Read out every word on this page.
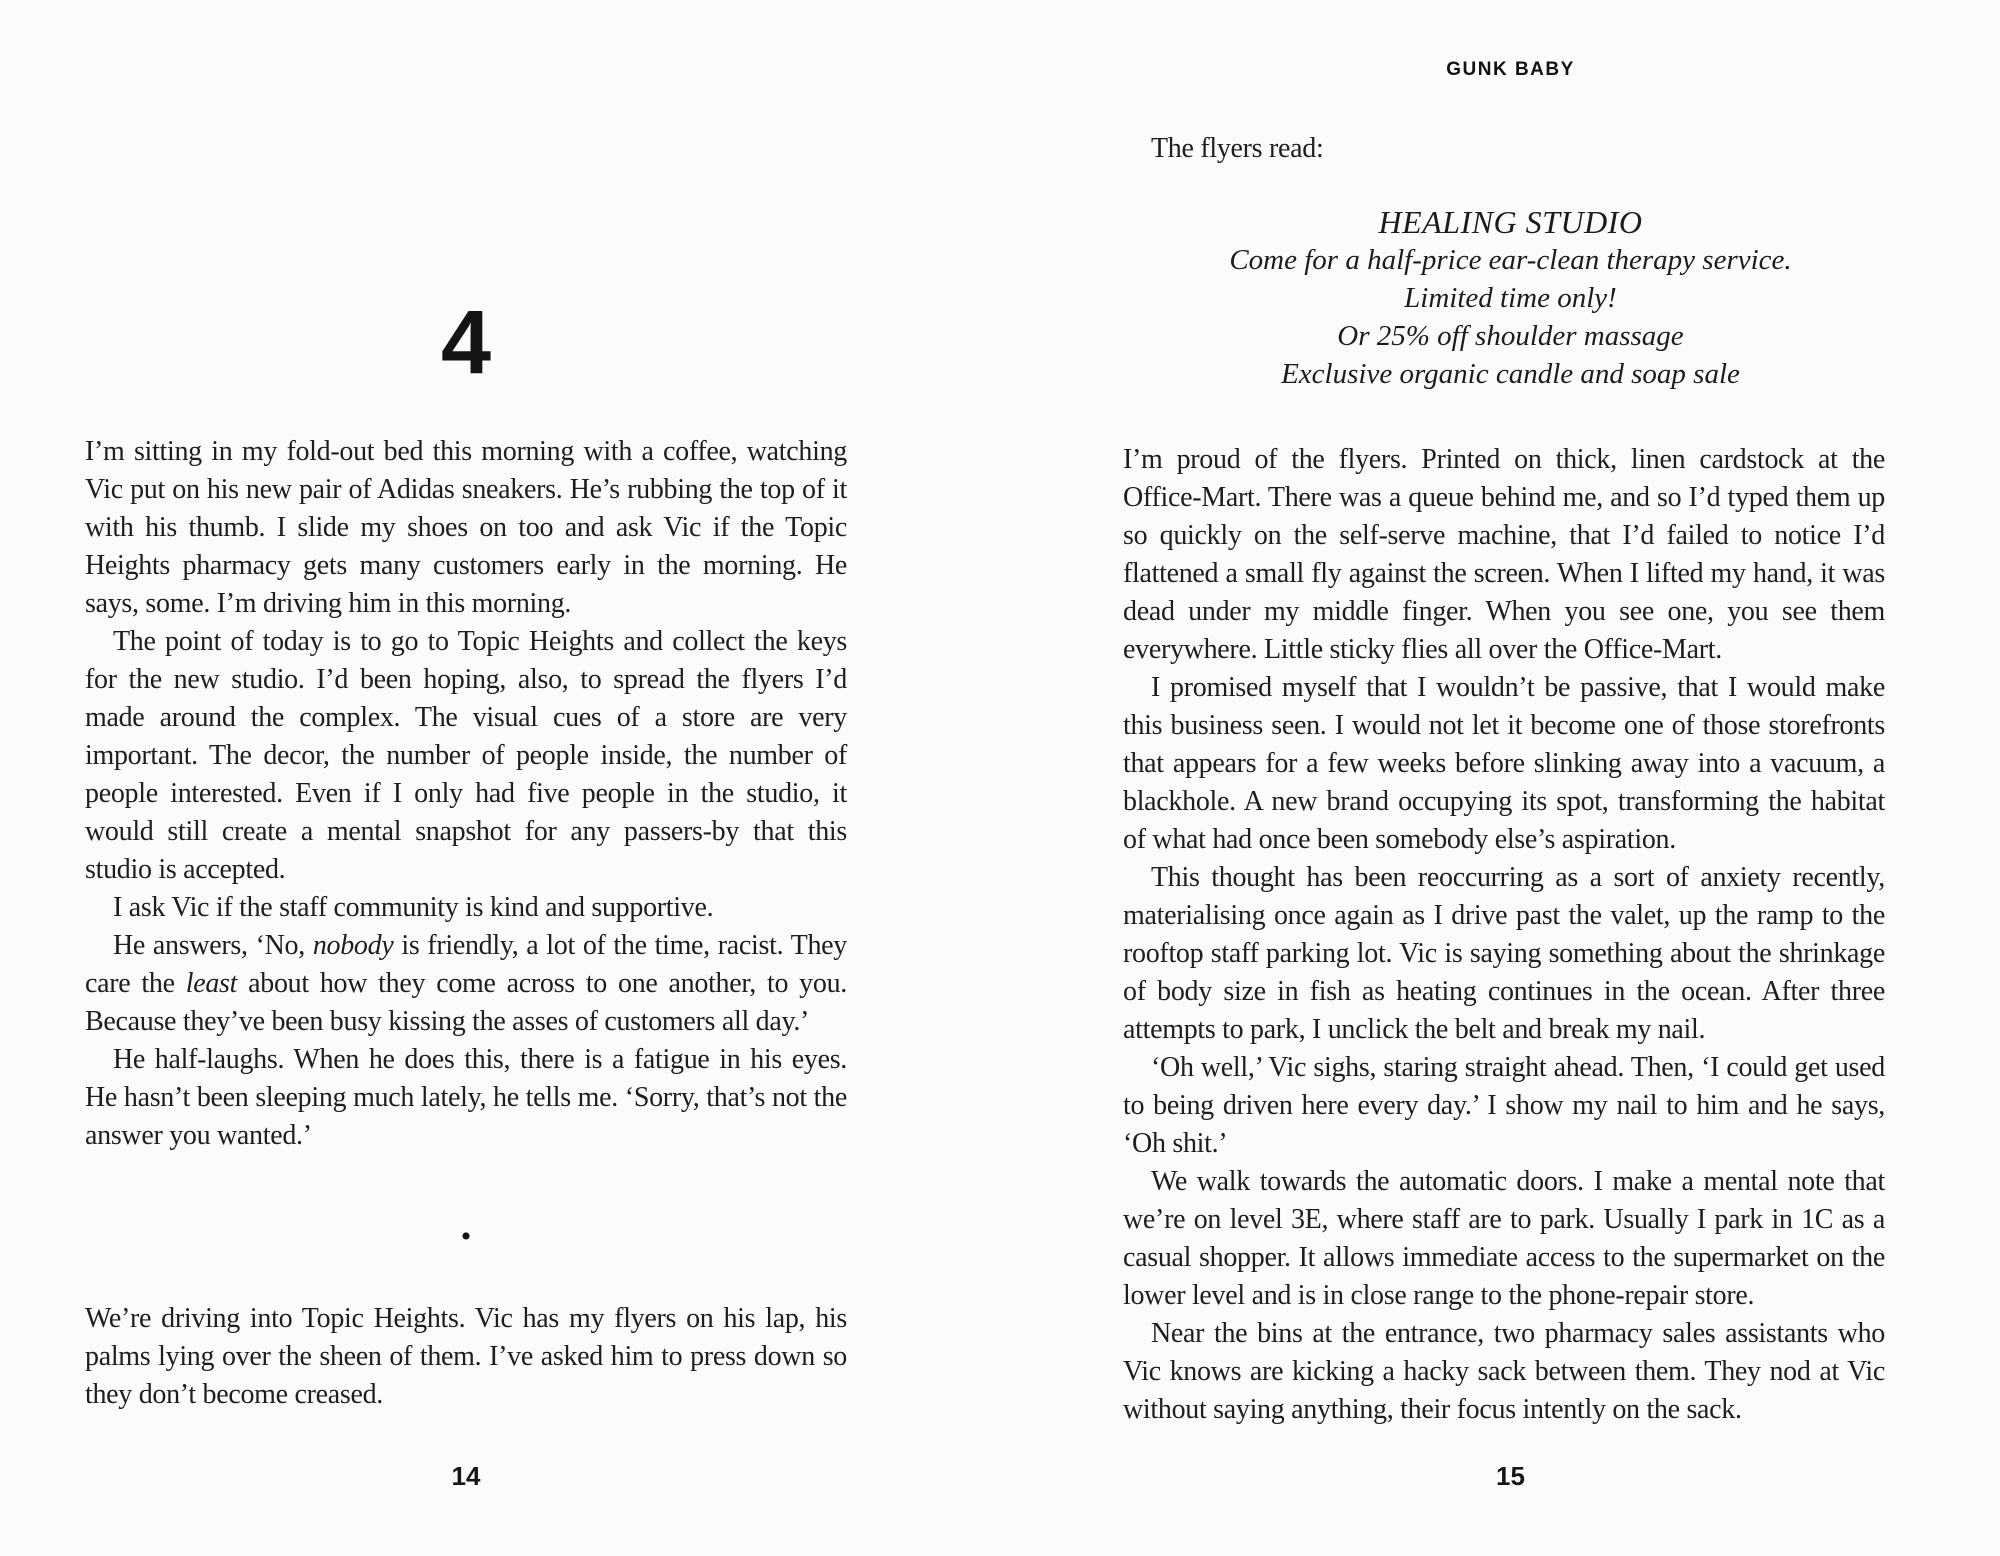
4

I’m sitting in my fold-out bed this morning with a coffee, watching Vic put on his new pair of Adidas sneakers. He’s rubbing the top of it with his thumb. I slide my shoes on too and ask Vic if the Topic Heights pharmacy gets many customers early in the morning. He says, some. I’m driving him in this morning.

The point of today is to go to Topic Heights and collect the keys for the new studio. I’d been hoping, also, to spread the flyers I’d made around the complex. The visual cues of a store are very important. The decor, the number of people inside, the number of people interested. Even if I only had five people in the studio, it would still create a mental snapshot for any passers-by that this studio is accepted.

I ask Vic if the staff community is kind and supportive.

He answers, ‘No, nobody is friendly, a lot of the time, racist. They care the least about how they come across to one another, to you. Because they’ve been busy kissing the asses of customers all day.’

He half-laughs. When he does this, there is a fatigue in his eyes. He hasn’t been sleeping much lately, he tells me. ‘Sorry, that’s not the answer you wanted.’

•

We’re driving into Topic Heights. Vic has my flyers on his lap, his palms lying over the sheen of them. I’ve asked him to press down so they don’t become creased.

14
GUNK BABY

The flyers read:

HEALING STUDIO
Come for a half-price ear-clean therapy service.
Limited time only!
Or 25% off shoulder massage
Exclusive organic candle and soap sale

I’m proud of the flyers. Printed on thick, linen cardstock at the Office-Mart. There was a queue behind me, and so I’d typed them up so quickly on the self-serve machine, that I’d failed to notice I’d flattened a small fly against the screen. When I lifted my hand, it was dead under my middle finger. When you see one, you see them everywhere. Little sticky flies all over the Office-Mart.

I promised myself that I wouldn’t be passive, that I would make this business seen. I would not let it become one of those storefronts that appears for a few weeks before slinking away into a vacuum, a blackhole. A new brand occupying its spot, transforming the habitat of what had once been somebody else’s aspiration.

This thought has been reoccurring as a sort of anxiety recently, materialising once again as I drive past the valet, up the ramp to the rooftop staff parking lot. Vic is saying something about the shrinkage of body size in fish as heating continues in the ocean. After three attempts to park, I unclick the belt and break my nail.

‘Oh well,’ Vic sighs, staring straight ahead. Then, ‘I could get used to being driven here every day.’ I show my nail to him and he says, ‘Oh shit.’

We walk towards the automatic doors. I make a mental note that we’re on level 3E, where staff are to park. Usually I park in 1C as a casual shopper. It allows immediate access to the supermarket on the lower level and is in close range to the phone-repair store.

Near the bins at the entrance, two pharmacy sales assistants who Vic knows are kicking a hacky sack between them. They nod at Vic without saying anything, their focus intently on the sack.

15
